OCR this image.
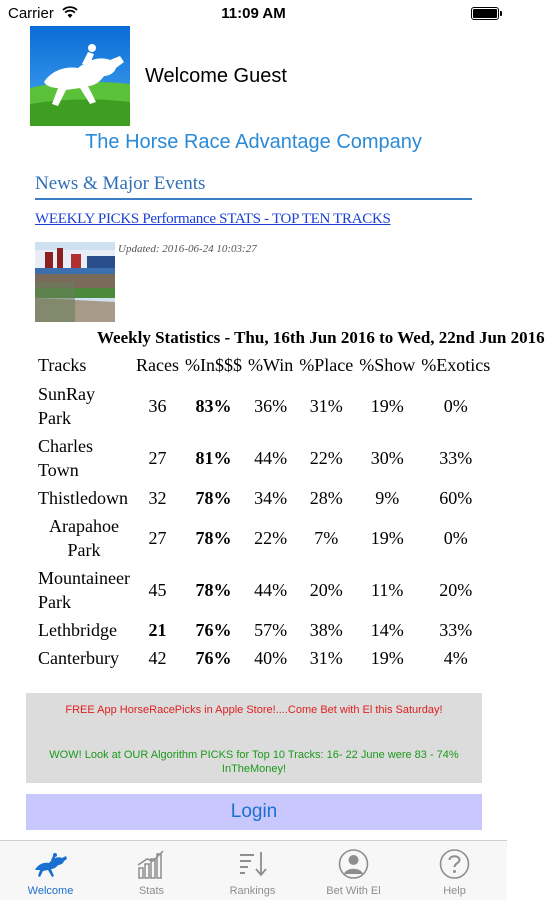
Carrier	11:09 AM
Welcome Guest
The Horse Race Advantage Company
News & Major Events
WEEKLY PICKS Performance STATS - TOP TEN TRACKS
Updated: 2016-06-24 10:03:27
Weekly Statistics - Thu, 16th Jun 2016 to Wed, 22nd Jun 2016
Tracks	Races	%In$$$	%Win	%Place	%Show	%Exotics
SunRay Park	36	83%	36%	31%	19%	0%
Charles Town	27	81%	44%	22%	30%	33%
Thistledown	32	78%	34%	28%	9%	60%
Arapahoe Park	27	78%	22%	7%	19%	0%
Mountaineer Park	45	78%	44%	20%	11%	20%
Lethbridge	21	76%	57%	38%	14%	33%
Canterbury	42	76%	40%	31%	19%	4%
FREE App HorseRacePicks in Apple Store!....Come Bet with El this Saturday!
WOW! Look at OUR Algorithm PICKS for Top 10 Tracks: 16- 22 June were 83 - 74% InTheMoney!
Login
Welcome	Stats	Rankings	Bet With El	Help
